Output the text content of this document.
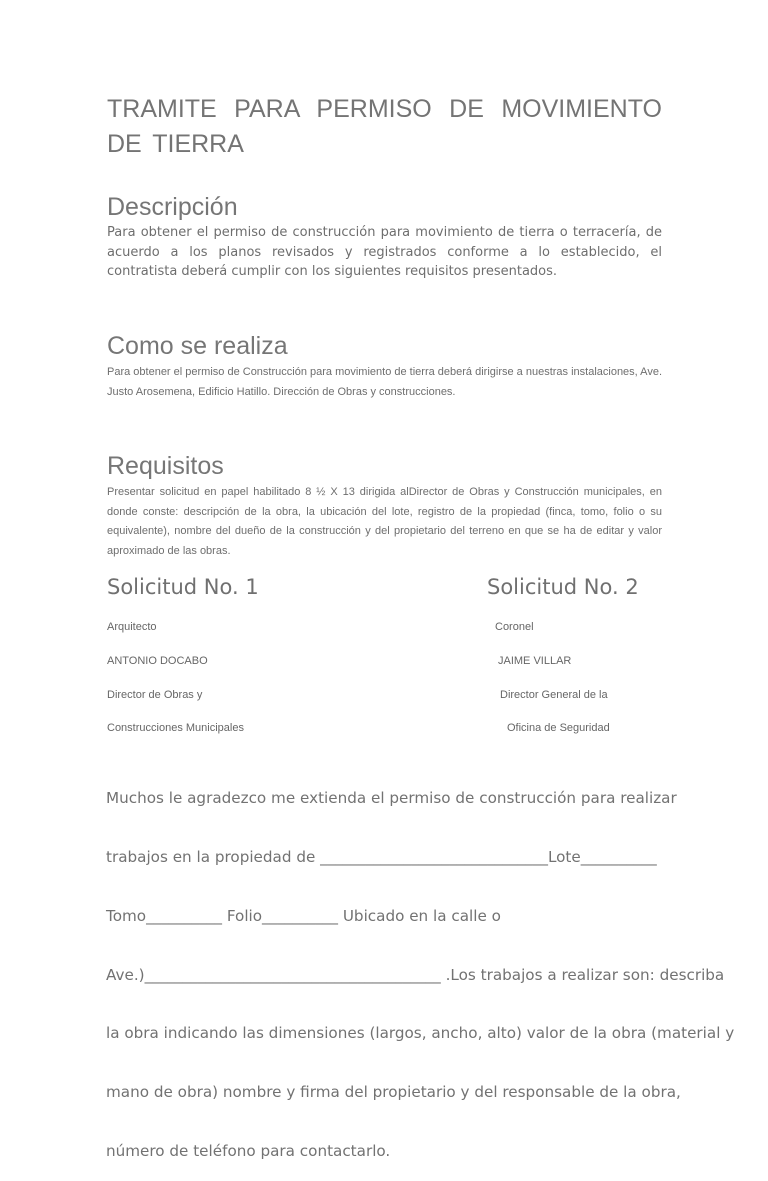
TRAMITE PARA PERMISO DE MOVIMIENTO DE TIERRA
Descripción

Para obtener el permiso de construcción para movimiento de tierra o terracería, de acuerdo a los planos revisados y registrados conforme a lo establecido, el contratista deberá cumplir con los siguientes requisitos presentados.

Como se realiza

Para obtener el permiso de Construcción para movimiento de tierra deberá dirigirse a nuestras instalaciones, Ave. Justo Arosemena, Edificio Hatillo. Dirección de Obras y construcciones.

Requisitos

Presentar solicitud en papel habilitado 8 ½ X 13 dirigida alDirector de Obras y Construcción municipales, en donde conste: descripción de la obra, la ubicación del lote, registro de la propiedad (finca, tomo, folio o su equivalente), nombre del dueño de la construcción y del propietario del terreno en que se ha de editar y valor aproximado de las obras.

Solicitud No. 1	Solicitud No. 2
Arquitecto
ANTONIO DOCABO
Director de Obras y
Construcciones Municipales
Coronel
JAIME VILLAR
Director General de la
Oficina de Seguridad

Muchos le agradezco me extienda el permiso de construcción para realizar

trabajos en la propiedad de ______________________________Lote__________

Tomo__________ Folio__________ Ubicado en la calle o

Ave.)_______________________________________ .Los trabajos a realizar son: describa

la obra indicando las dimensiones (largos, ancho, alto) valor de la obra (material y

mano de obra) nombre y firma del propietario y del responsable de la obra,

número de teléfono para contactarlo.
